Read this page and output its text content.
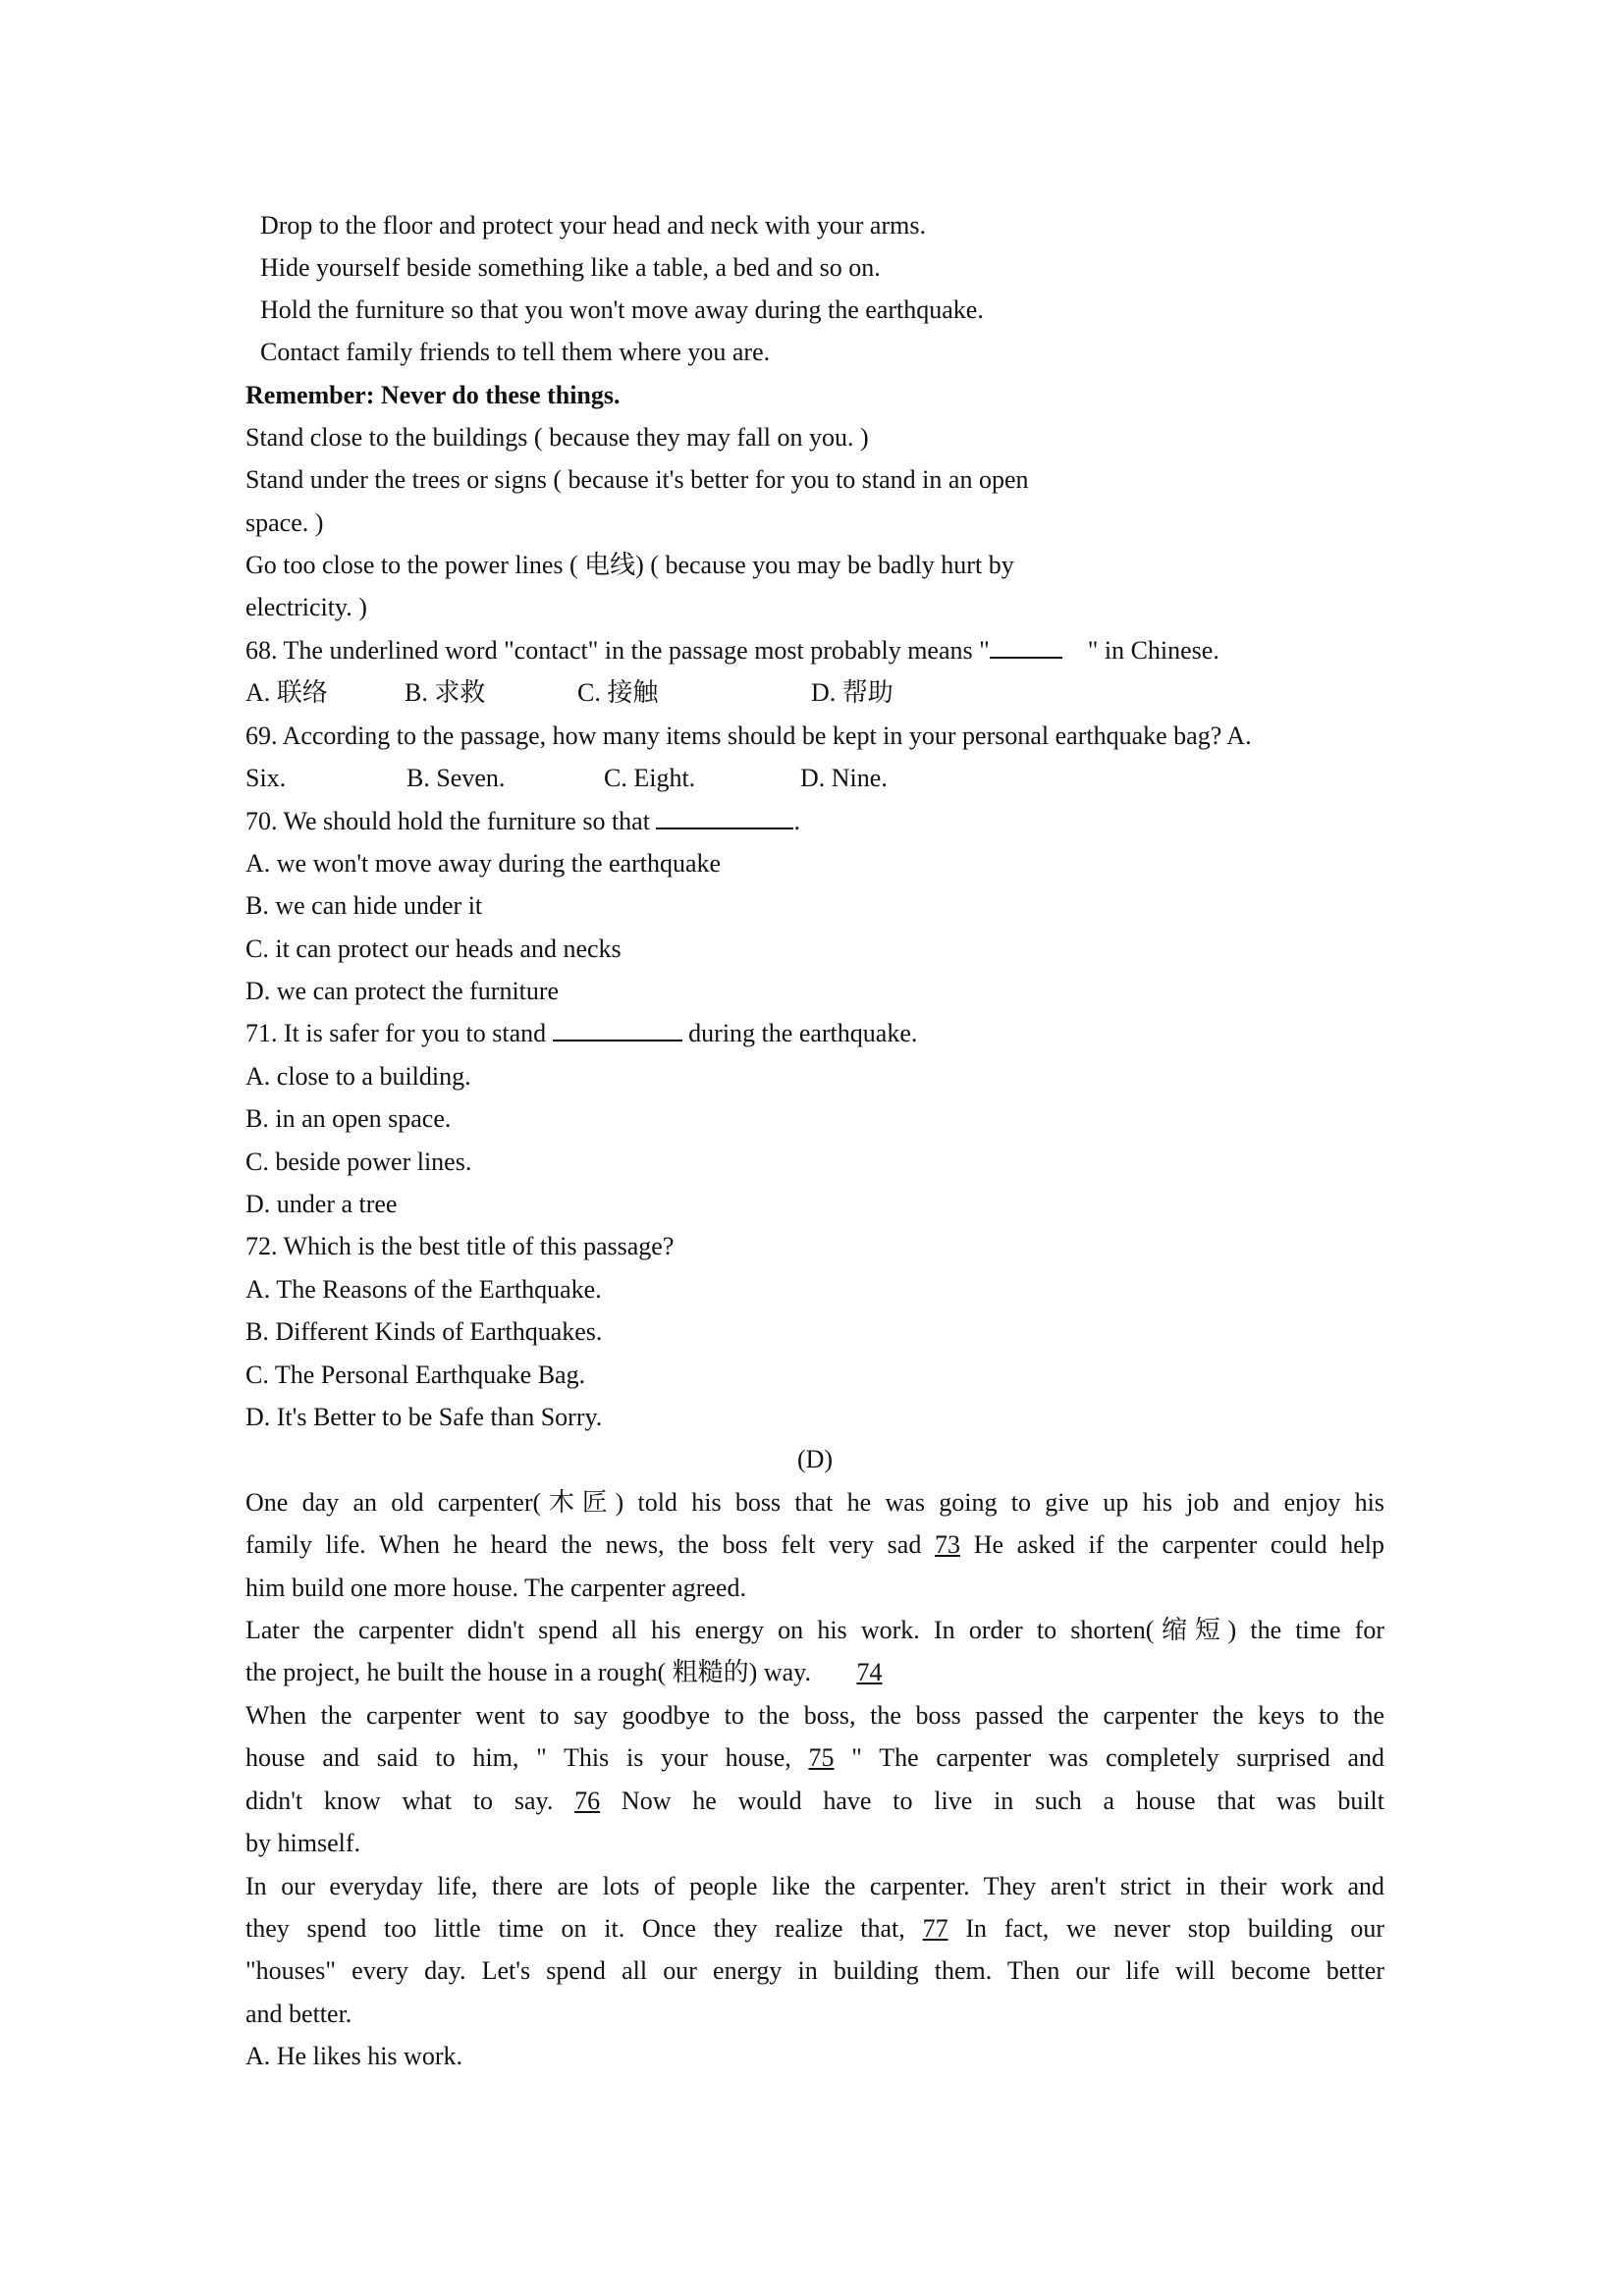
Drop to the floor and protect your head and neck with your arms.
Hide yourself beside something like a table, a bed and so on.
Hold the furniture so that you won't move away during the earthquake.
Contact family friends to tell them where you are.
Remember: Never do these things.
Stand close to the buildings ( because they may fall on you. )
Stand under the trees or signs ( because it's better for you to stand in an open
space. )
Go too close to the power lines ( 电线) ( because you may be badly hurt by
electricity. )
68. The underlined word "contact" in the passage most probably means "	" in Chinese.
A. 联络	B. 求救	C. 接触	D. 帮助
69. According to the passage, how many items should be kept in your personal earthquake bag? A.
Six.	B. Seven.	C. Eight.	D. Nine.
70. We should hold the furniture so that	.
A. we won't move away during the earthquake
B. we can hide under it
C. it can protect our heads and necks
D. we can protect the furniture
71. It is safer for you to stand	during the earthquake.
A. close to a building.
B. in an open space.
C. beside power lines.
D. under a tree
72. Which is the best title of this passage?
A. The Reasons of the Earthquake.
B. Different Kinds of Earthquakes.
C. The Personal Earthquake Bag.
D. It's Better to be Safe than Sorry.
(D)
One day an old carpenter(木匠) told his boss that he was going to give up his job and enjoy his
family life. When he heard the news, the boss felt very sad 73 He asked if the carpenter could help
him build one more house. The carpenter agreed.
Later the carpenter didn't spend all his energy on his work. In order to shorten(缩短) the time for
the project, he built the house in a rough( 粗糙的) way. 74
When the carpenter went to say goodbye to the boss, the boss passed the carpenter the keys to the
house and said to him, " This is your house, 75 " The carpenter was completely surprised and
didn't know what to say. 76 Now he would have to live in such a house that was built
by himself.
In our everyday life, there are lots of people like the carpenter. They aren't strict in their work and
they spend too little time on it. Once they realize that, 77 In fact, we never stop building our
"houses" every day. Let's spend all our energy in building them. Then our life will become better
and better.
A. He likes his work.
